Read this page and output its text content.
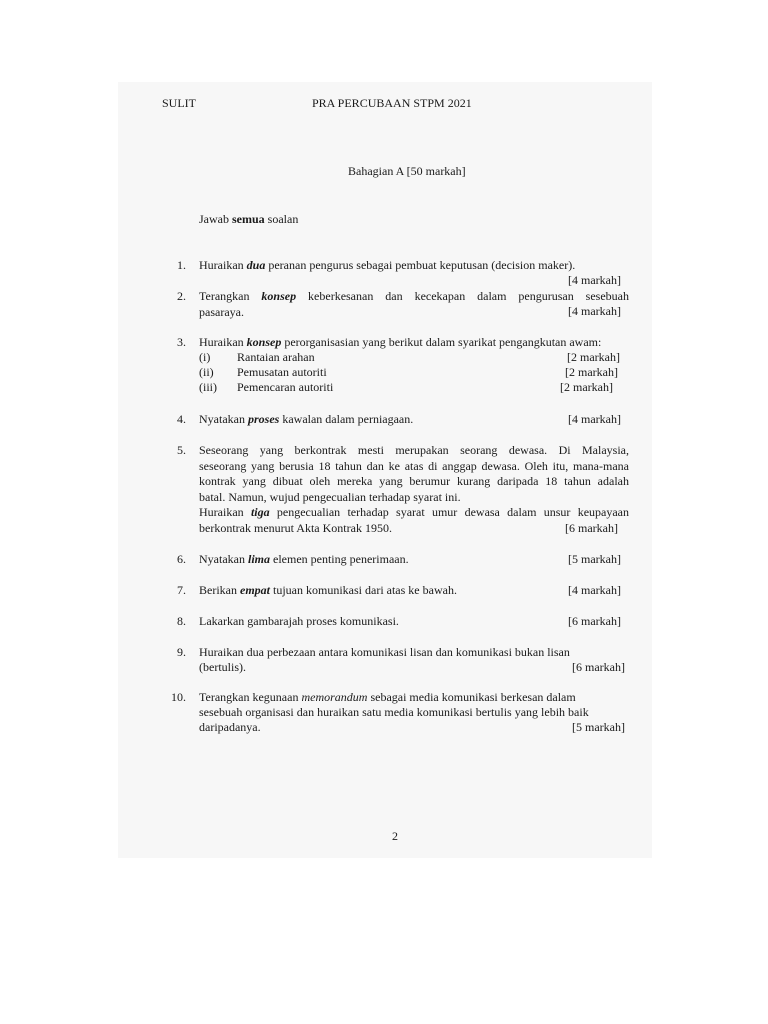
SULIT	PRA PERCUBAAN STPM 2021
Bahagian A [50 markah]
Jawab semua soalan
1. Huraikan dua peranan pengurus sebagai pembuat keputusan (decision maker).
[4 markah]
2. Terangkan konsep keberkesanan dan kecekapan dalam pengurusan sesebuah
pasaraya.	[4 markah]
3. Huraikan konsep perorganisasian yang berikut dalam syarikat pengangkutan awam:
(i) Rantaian arahan	[2 markah]
(ii) Pemusatan autoriti	[2 markah]
(iii) Pemencaran autoriti	[2 markah]
4. Nyatakan proses kawalan dalam perniagaan.	[4 markah]
5. Seseorang yang berkontrak mesti merupakan seorang dewasa. Di Malaysia,
seseorang yang berusia 18 tahun dan ke atas di anggap dewasa. Oleh itu, mana-mana
kontrak yang dibuat oleh mereka yang berumur kurang daripada 18 tahun adalah
batal. Namun, wujud pengecualian terhadap syarat ini.
Huraikan tiga pengecualian terhadap syarat umur dewasa dalam unsur keupayaan
berkontrak menurut Akta Kontrak 1950.	[6 markah]
6. Nyatakan lima elemen penting penerimaan.	[5 markah]
7. Berikan empat tujuan komunikasi dari atas ke bawah.	[4 markah]
8. Lakarkan gambarajah proses komunikasi.	[6 markah]
9. Huraikan dua perbezaan antara komunikasi lisan dan komunikasi bukan lisan
(bertulis).	[6 markah]
10. Terangkan kegunaan memorandum sebagai media komunikasi berkesan dalam
sesebuah organisasi dan huraikan satu media komunikasi bertulis yang lebih baik
daripadanya.	[5 markah]
2
